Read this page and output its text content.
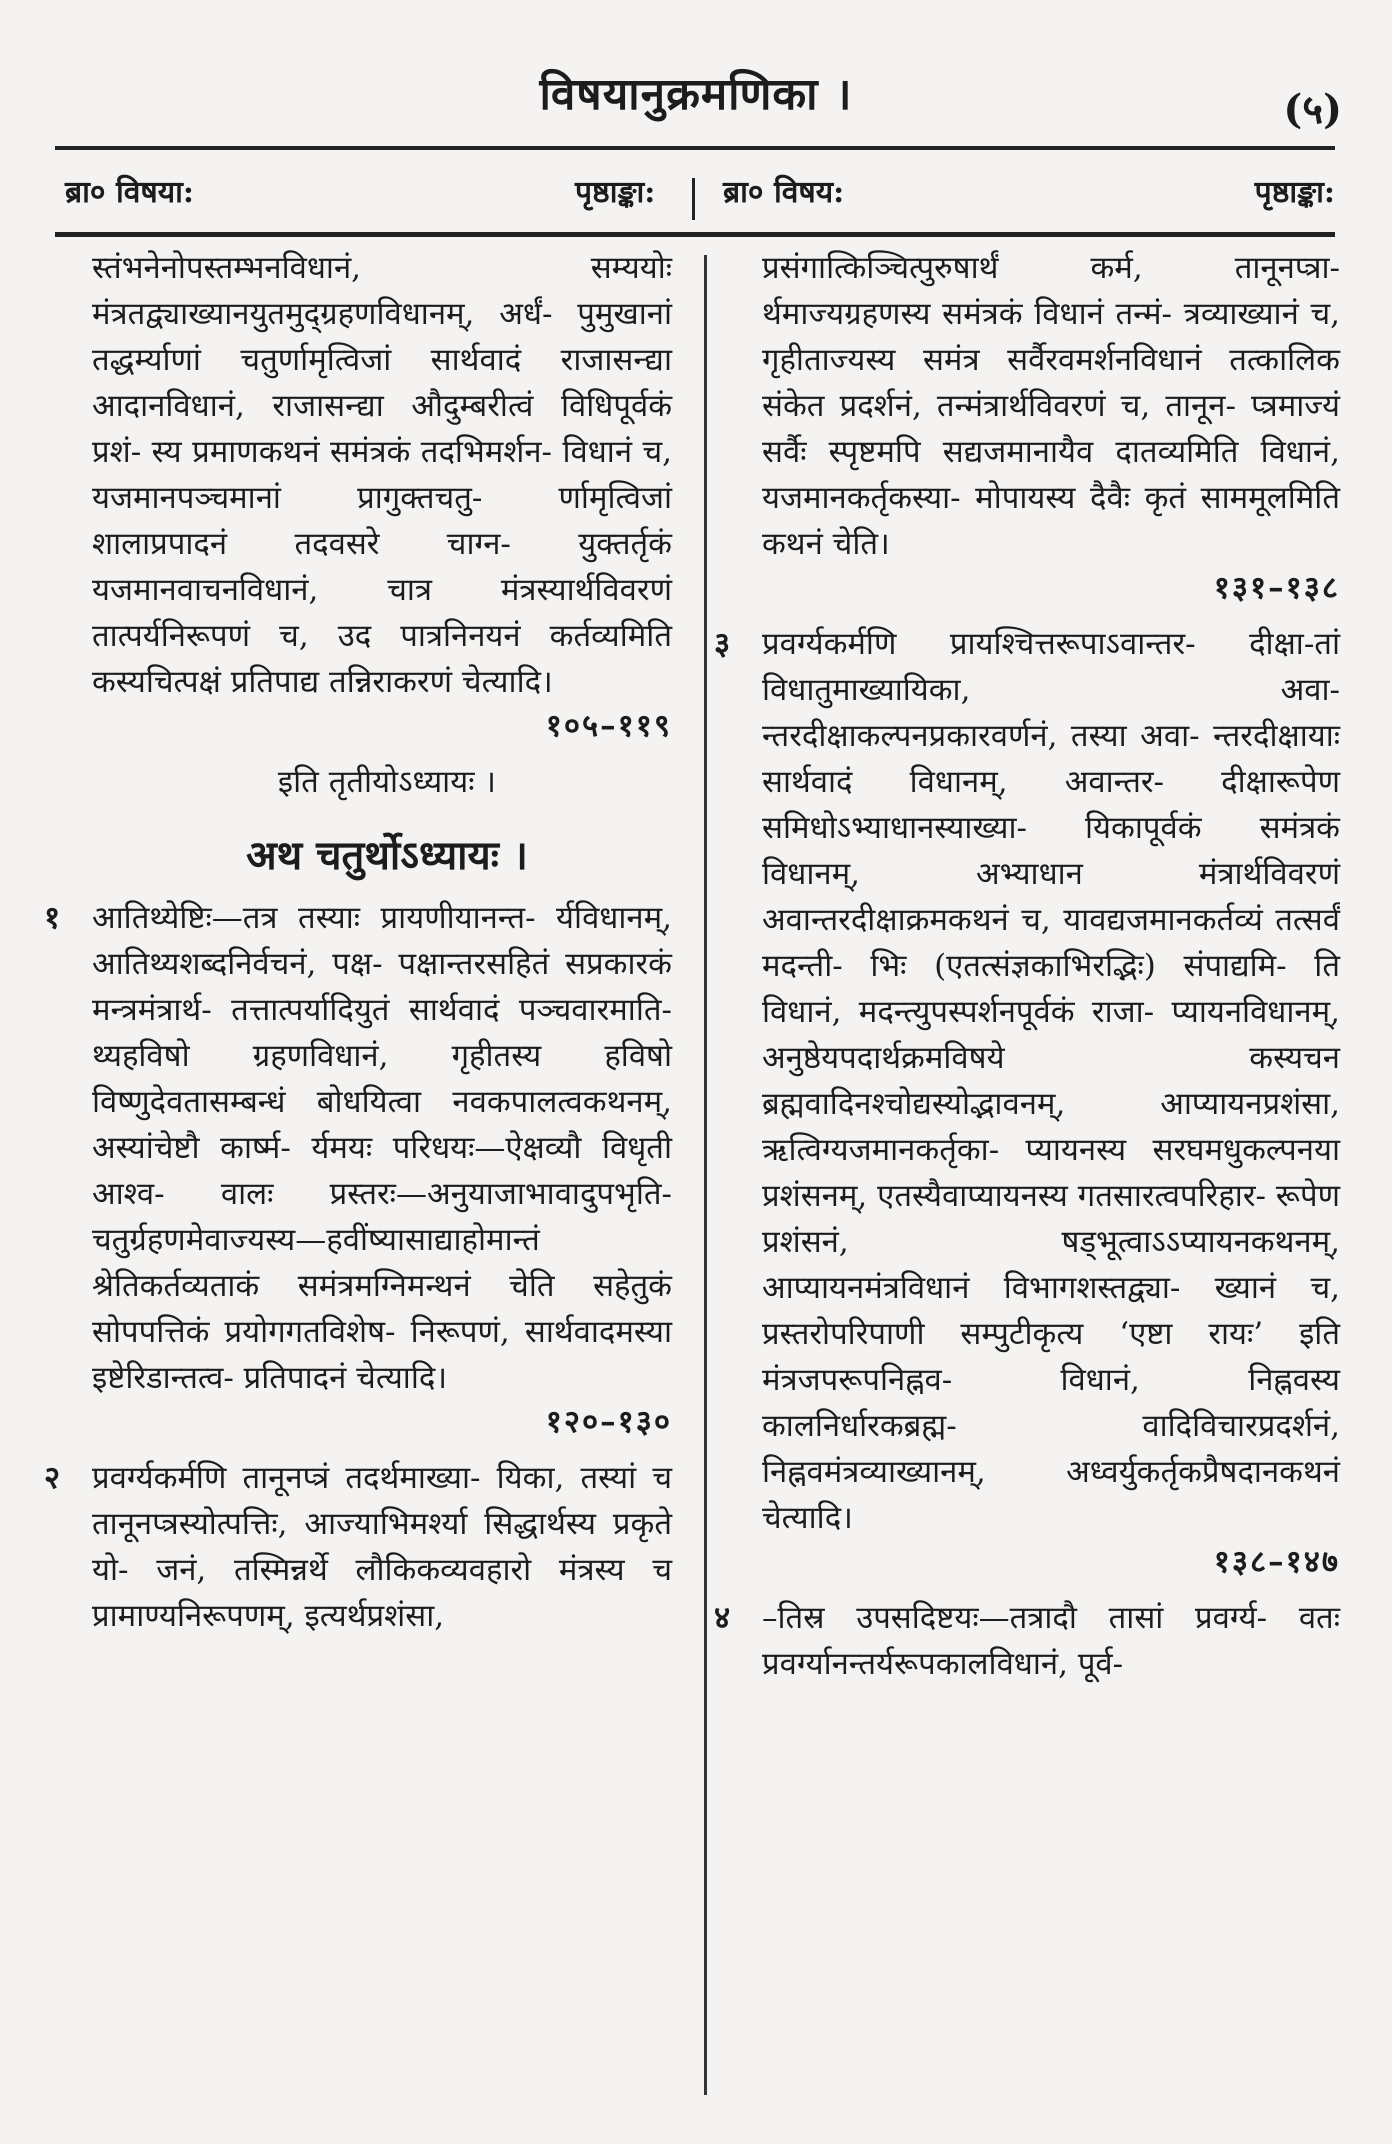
विषयानुक्रमणिका ।	(५)
ब्रा० विषया:	पृष्ठाङ्का: ब्रा० विषय:	पृष्ठाङ्का:
स्तंभनेनोपस्तम्भनविधानं, सम्ययोः मंत्रतद्व्याख्यानयुतमुद्ग्रहणविधानम्, अर्धं- पुमुखानां तद्धर्म्याणां चतुर्णामृत्विजां सार्थवादं राजासन्द्या आदानविधानं, राजासन्द्या औदुम्बरीत्वं विधिपूर्वकं प्रशं- स्य प्रमाणकथनं समंत्रकं तदभिमर्शन- विधानं च, यजमानपञ्चमानां प्रागुक्तचतु- र्णामृत्विजां शालाप्रपादनं तदवसरे चाग्न- युक्तर्तृकं यजमानवाचनविधानं, चात्र मंत्रस्यार्थविवरणं तात्पर्यनिरूपणं च, उद पात्रनिनयनं कर्तव्यमिति कस्यचित्पक्षं प्रतिपाद्य तन्निराकरणं चेत्यादि।
१०५–११९
इति तृतीयोऽध्यायः ।
अथ चतुर्थोऽध्यायः ।
१ आतिथ्येष्टिः—तत्र तस्याः प्रायणीयानन्त- र्यविधानम्, आतिथ्यशब्दनिर्वचनं, पक्ष- पक्षान्तरसहितं सप्रकारकं मन्त्रमंत्रार्थ- तत्तात्पर्यादियुतं सार्थवादं पञ्चवारमाति- थ्यहविषो ग्रहणविधानं, गृहीतस्य हविषो विष्णुदेवतासम्बन्धं बोधयित्वा नवकपालत्वकथनम्, अस्यांचेष्टौ कार्ष्म- र्यमयः परिधयः—ऐक्षव्यौ विधृती आश्व- वालः प्रस्तरः—अनुयाजाभावादुपभृति- चतुर्ग्रहणमेवाज्यस्य—हवींष्यासाद्याहोमान्तं श्रेतिकर्तव्यताकं समंत्रमग्निमन्थनं चेति सहेतुकं सोपपत्तिकं प्रयोगगतविशेष- निरूपणं, सार्थवादमस्या इष्टेरिडान्तत्व- प्रतिपादनं चेत्यादि।
१२०–१३०
२ प्रवर्ग्यकर्मणि तानूनप्त्रं तदर्थमाख्या- यिका, तस्यां च तानूनप्त्रस्योत्पत्तिः, आज्याभिमर्श्या सिद्धार्थस्य प्रकृते यो- जनं, तस्मिन्नर्थे लौकिकव्यवहारो मंत्रस्य च प्रामाण्यनिरूपणम्, इत्यर्थप्रशंसा,
प्रसंगात्किञ्चित्पुरुषार्थं कर्म, तानूनप्त्रा- र्थमाज्यग्रहणस्य समंत्रकं विधानं तन्मं- त्रव्याख्यानं च, गृहीताज्यस्य समंत्र सर्वैरवमर्शनविधानं तत्कालिक संकेत प्रदर्शनं, तन्मंत्रार्थविवरणं च, तानून- प्त्रमाज्यं सर्वैः स्पृष्टमपि सद्यजमानायैव दातव्यमिति विधानं, यजमानकर्तृकस्या- मोपायस्य दैवैः कृतं साममूलमिति कथनं चेति।
१३१–१३८
३ प्रवर्ग्यकर्मणि प्रायश्चित्तरूपाऽवान्तर- दीक्षा-तां विधातुमाख्यायिका, अवा- न्तरदीक्षाकल्पनप्रकारवर्णनं, तस्या अवा- न्तरदीक्षायाः सार्थवादं विधानम्, अवान्तर- दीक्षारूपेण समिधोऽभ्याधानस्याख्या- यिकापूर्वकं समंत्रकं विधानम्, अभ्याधान मंत्रार्थविवरणं अवान्तरदीक्षाक्रमकथनं च, यावद्यजमानकर्तव्यं तत्सर्वं मदन्ती- भिः (एतत्संज्ञकाभिरद्भिः) संपाद्यमि- ति विधानं, मदन्त्युपस्पर्शनपूर्वकं राजा- प्यायनविधानम्, अनुष्ठेयपदार्थक्रमविषये कस्यचन ब्रह्मवादिनश्चोद्यस्योद्भावनम्, आप्यायनप्रशंसा, ऋत्विग्यजमानकर्तृका- प्यायनस्य सरघमधुकल्पनया प्रशंसनम्, एतस्यैवाप्यायनस्य गतसारत्वपरिहार- रूपेण प्रशंसनं, षड्भूत्वाऽऽप्यायनकथनम्, आप्यायनमंत्रविधानं विभागशस्तद्व्या- ख्यानं च, प्रस्तरोपरिपाणी सम्पुटीकृत्य ‘एष्टा रायः’ इति मंत्रजपरूपनिह्नव- विधानं, निह्नवस्य कालनिर्धारकब्रह्म- वादिविचारप्रदर्शनं, निह्नवमंत्रव्याख्यानम्, अध्वर्युकर्तृकप्रैषदानकथनं चेत्यादि।
१३८–१४७
४ –तिस्र उपसदिष्टयः—तत्रादौ तासां प्रवर्ग्य- वतः प्रवर्ग्यानन्तर्यरूपकालविधानं, पूर्व-
